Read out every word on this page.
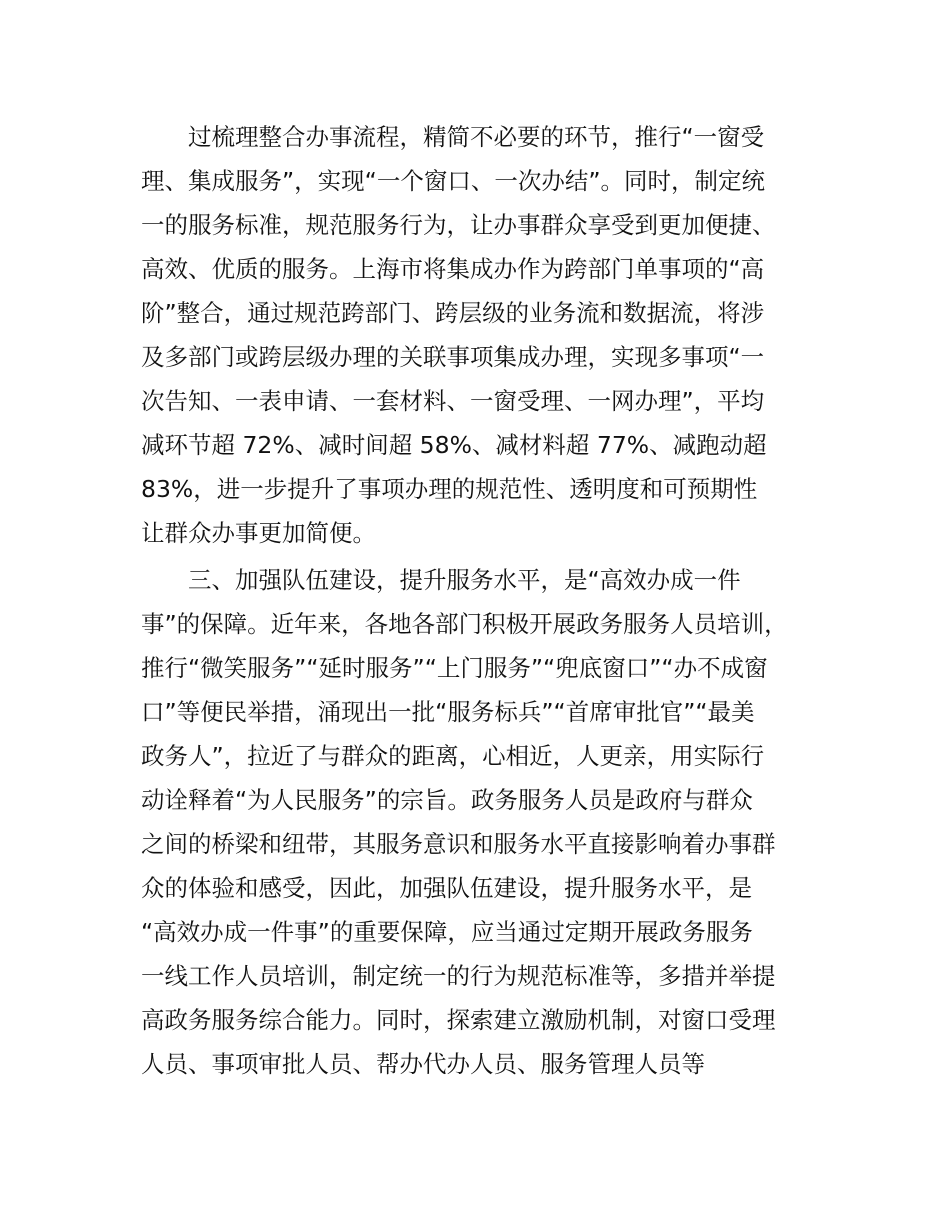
过梳理整合办事流程，精简不必要的环节，推行“一窗受
理、集成服务”，实现“一个窗口、一次办结”。同时，制定统
一的服务标准，规范服务行为，让办事群众享受到更加便捷、
高效、优质的服务。上海市将集成办作为跨部门单事项的“高
阶”整合，通过规范跨部门、跨层级的业务流和数据流，将涉
及多部门或跨层级办理的关联事项集成办理，实现多事项“一
次告知、一表申请、一套材料、一窗受理、一网办理”，平均
减环节超 72%、减时间超 58%、减材料超 77%、减跑动超
83%，进一步提升了事项办理的规范性、透明度和可预期性
让群众办事更加简便。
三、加强队伍建设，提升服务水平，是“高效办成一件
事”的保障。近年来，各地各部门积极开展政务服务人员培训，
推行“微笑服务”“延时服务”“上门服务”“兜底窗口”“办不成窗
口”等便民举措，涌现出一批“服务标兵”“首席审批官”“最美
政务人”，拉近了与群众的距离，心相近，人更亲，用实际行
动诠释着“为人民服务”的宗旨。政务服务人员是政府与群众
之间的桥梁和纽带，其服务意识和服务水平直接影响着办事群
众的体验和感受，因此，加强队伍建设，提升服务水平，是
“高效办成一件事”的重要保障，应当通过定期开展政务服务
一线工作人员培训，制定统一的行为规范标准等，多措并举提
高政务服务综合能力。同时，探索建立激励机制，对窗口受理
人员、事项审批人员、帮办代办人员、服务管理人员等
